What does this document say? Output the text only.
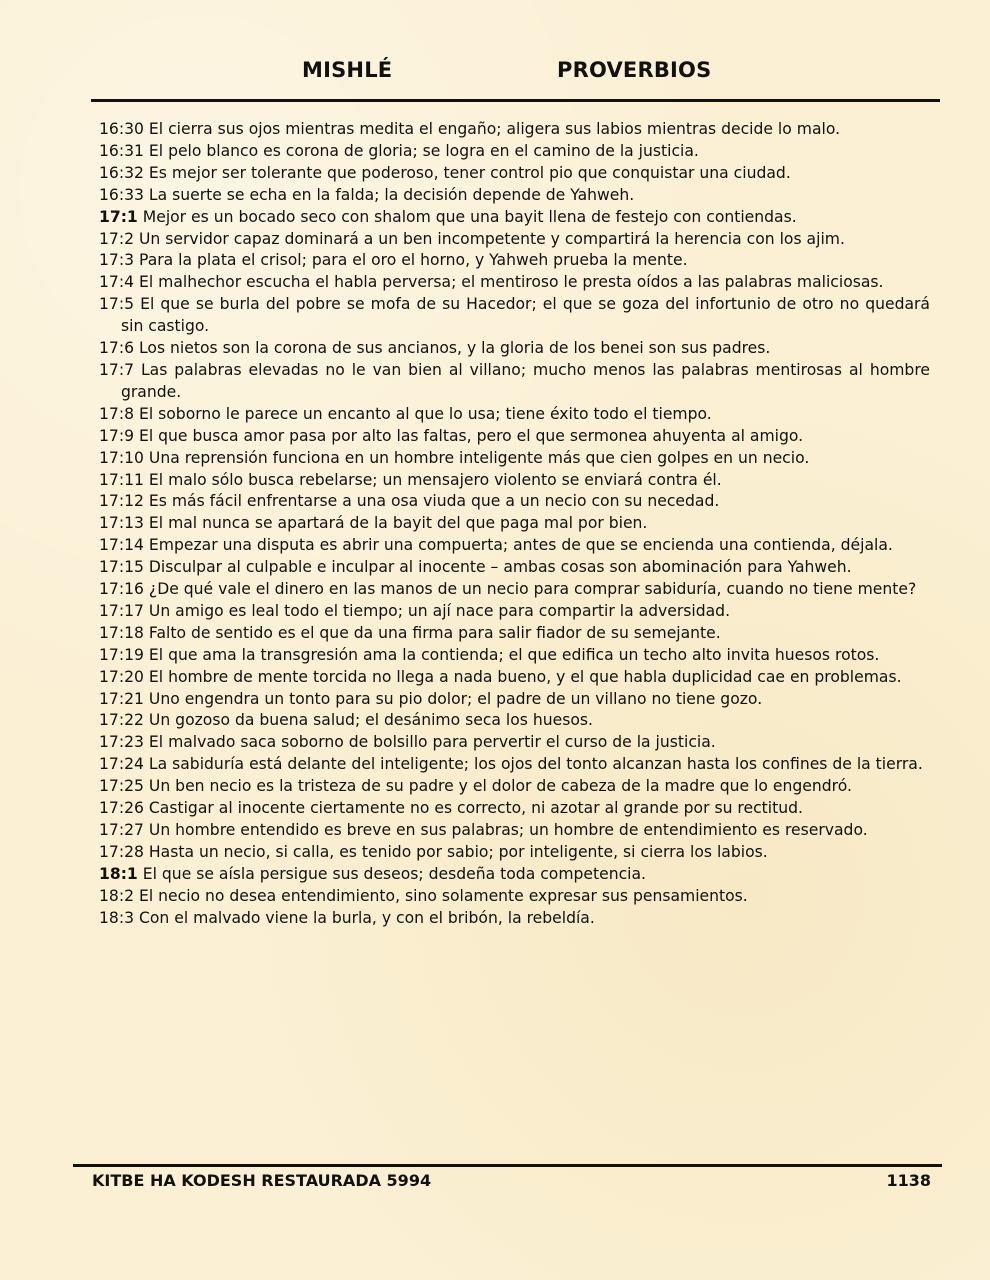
MISHLÉ	PROVERBIOS
16:30 El cierra sus ojos mientras medita el engaño; aligera sus labios mientras decide lo malo.
16:31 El pelo blanco es corona de gloria; se logra en el camino de la justicia.
16:32 Es mejor ser tolerante que poderoso, tener control pio que conquistar una ciudad.
16:33 La suerte se echa en la falda; la decisión depende de Yahweh.
17:1 Mejor es un bocado seco con shalom que una bayit llena de festejo con contiendas.
17:2 Un servidor capaz dominará a un ben incompetente y compartirá la herencia con los ajim.
17:3 Para la plata el crisol; para el oro el horno, y Yahweh prueba la mente.
17:4 El malhechor escucha el habla perversa; el mentiroso le presta oídos a las palabras maliciosas.
17:5 El que se burla del pobre se mofa de su Hacedor; el que se goza del infortunio de otro no quedará sin castigo.
17:6 Los nietos son la corona de sus ancianos, y la gloria de los benei son sus padres.
17:7 Las palabras elevadas no le van bien al villano; mucho menos las palabras mentirosas al hombre grande.
17:8 El soborno le parece un encanto al que lo usa; tiene éxito todo el tiempo.
17:9 El que busca amor pasa por alto las faltas, pero el que sermonea ahuyenta al amigo.
17:10 Una reprensión funciona en un hombre inteligente más que cien golpes en un necio.
17:11 El malo sólo busca rebelarse; un mensajero violento se enviará contra él.
17:12 Es más fácil enfrentarse a una osa viuda que a un necio con su necedad.
17:13 El mal nunca se apartará de la bayit del que paga mal por bien.
17:14 Empezar una disputa es abrir una compuerta; antes de que se encienda una contienda, déjala.
17:15 Disculpar al culpable e inculpar al inocente – ambas cosas son abominación para Yahweh.
17:16 ¿De qué vale el dinero en las manos de un necio para comprar sabiduría, cuando no tiene mente?
17:17 Un amigo es leal todo el tiempo; un ají nace para compartir la adversidad.
17:18 Falto de sentido es el que da una firma para salir fiador de su semejante.
17:19 El que ama la transgresión ama la contienda; el que edifica un techo alto invita huesos rotos.
17:20 El hombre de mente torcida no llega a nada bueno, y el que habla duplicidad cae en problemas.
17:21 Uno engendra un tonto para su pio dolor; el padre de un villano no tiene gozo.
17:22 Un gozoso da buena salud; el desánimo seca los huesos.
17:23 El malvado saca soborno de bolsillo para pervertir el curso de la justicia.
17:24 La sabiduría está delante del inteligente; los ojos del tonto alcanzan hasta los confines de la tierra.
17:25 Un ben necio es la tristeza de su padre y el dolor de cabeza de la madre que lo engendró.
17:26 Castigar al inocente ciertamente no es correcto, ni azotar al grande por su rectitud.
17:27 Un hombre entendido es breve en sus palabras; un hombre de entendimiento es reservado.
17:28 Hasta un necio, si calla, es tenido por sabio; por inteligente, si cierra los labios.
18:1 El que se aísla persigue sus deseos; desdeña toda competencia.
18:2 El necio no desea entendimiento, sino solamente expresar sus pensamientos.
18:3 Con el malvado viene la burla, y con el bribón, la rebeldía.
KITBE HA KODESH RESTAURADA 5994	1138
